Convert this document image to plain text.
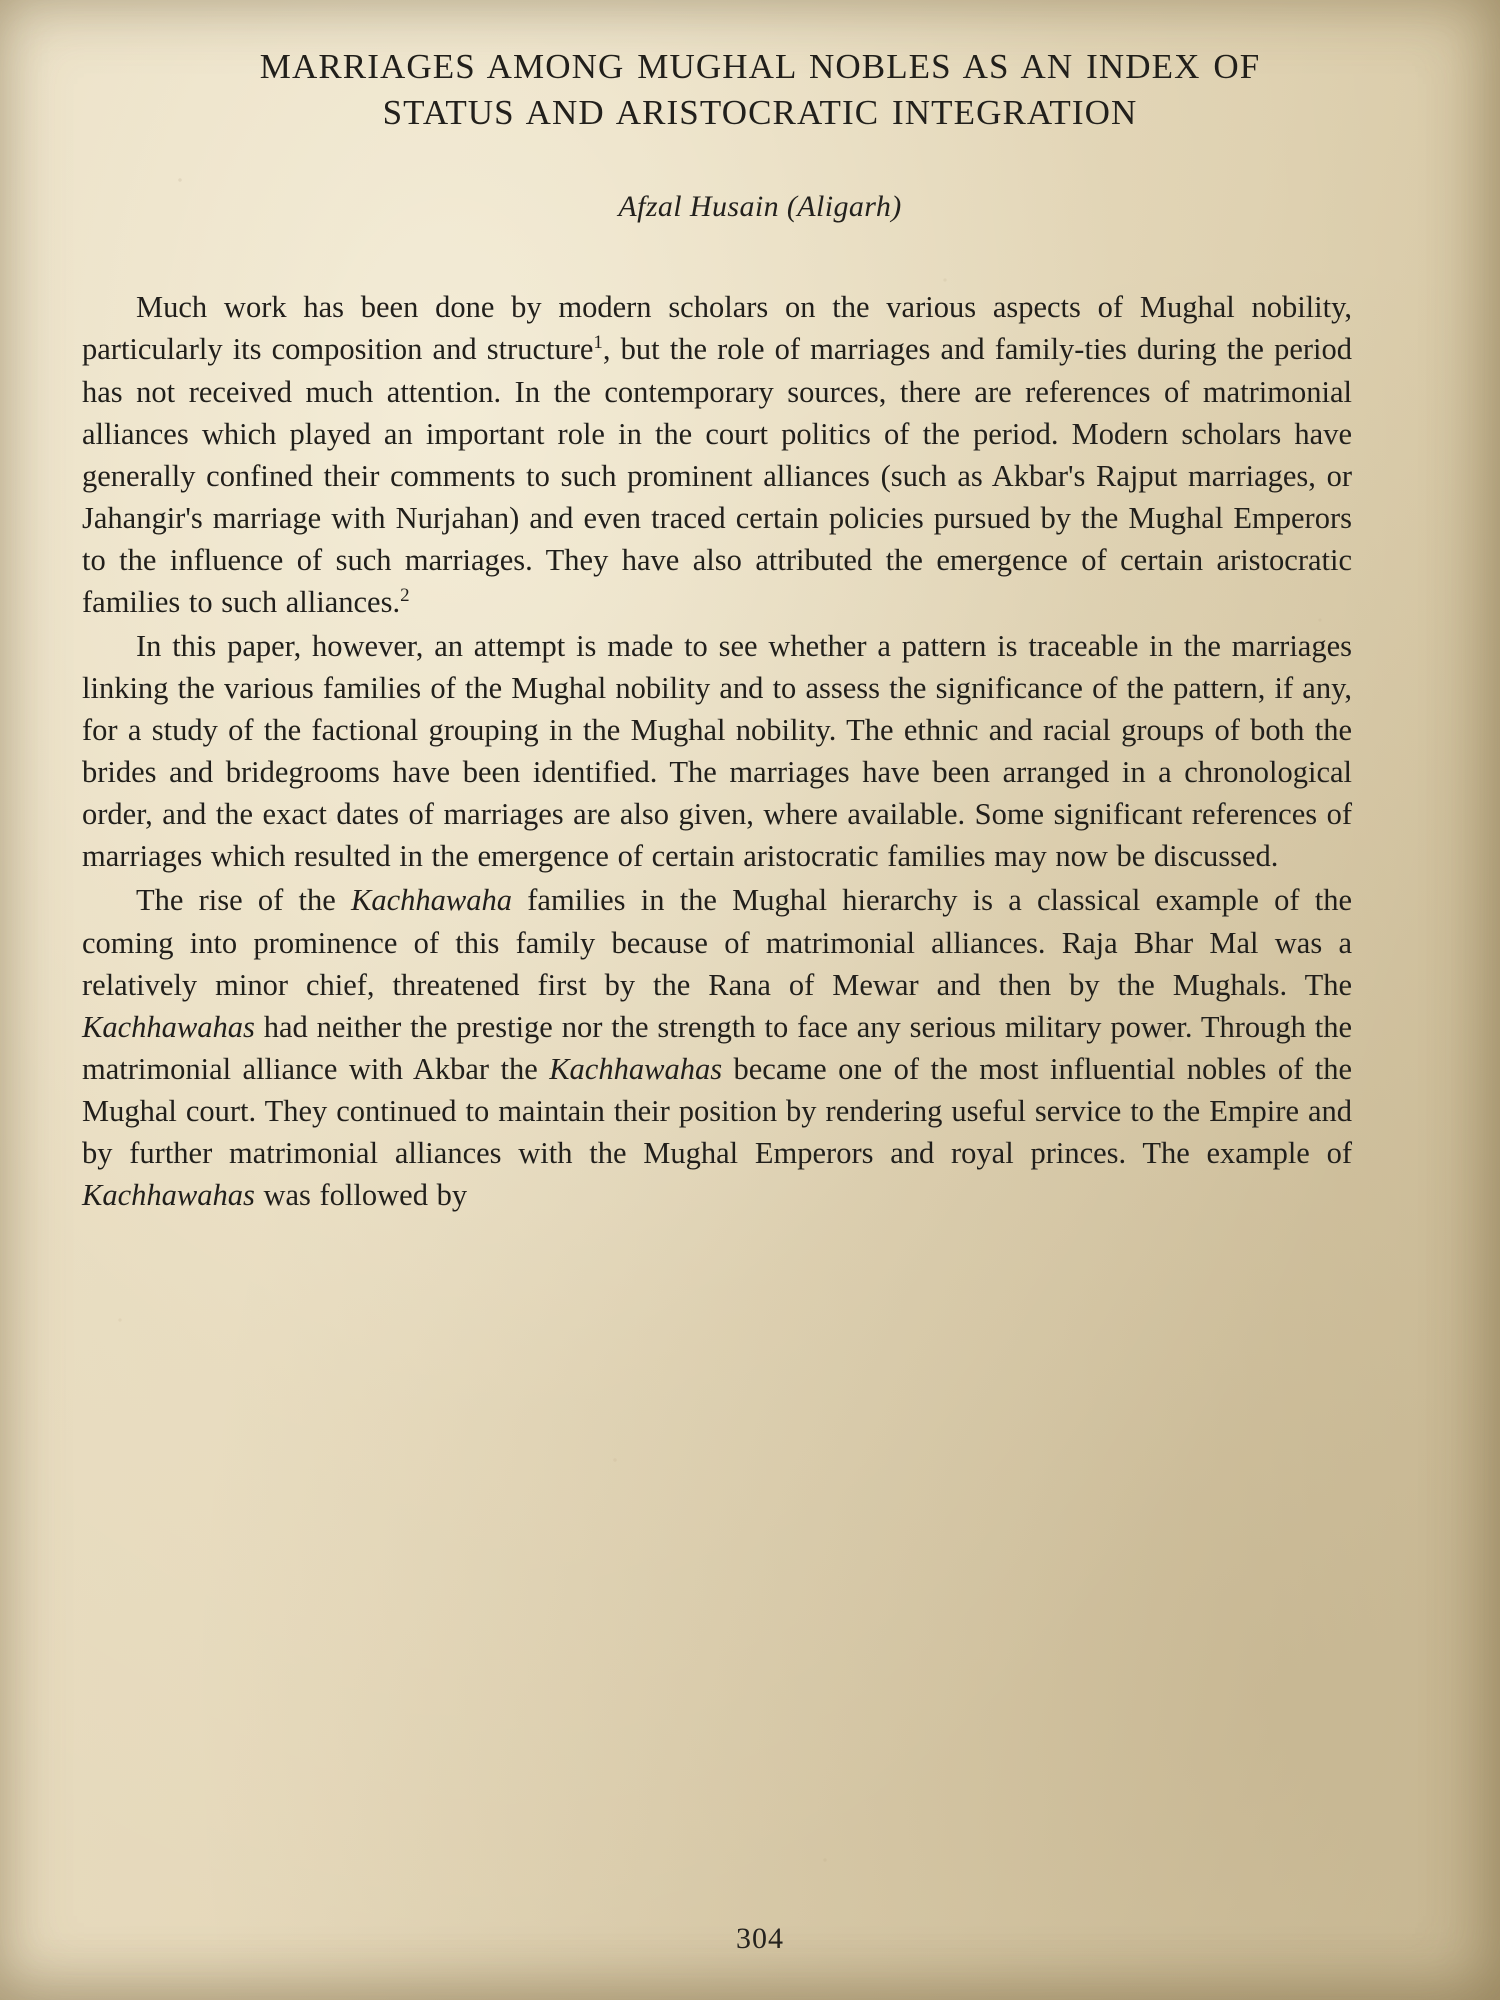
MARRIAGES AMONG MUGHAL NOBLES AS AN INDEX OF
STATUS AND ARISTOCRATIC INTEGRATION
Afzal Husain (Aligarh)

Much work has been done by modern scholars on the various aspects of Mughal nobility, particularly its composition and structure$^1$, but the role of marriages and family-ties during the period has not received much attention. In the contemporary sources, there are references of matrimonial alliances which played an important role in the court politics of the period. Modern scholars have generally confined their comments to such prominent alliances (such as Akbar's Rajput marriages, or Jahangir's marriage with Nurjahan) and even traced certain policies pursued by the Mughal Emperors to the influence of such marriages. They have also attributed the emergence of certain aristocratic families to such alliances.$^2$

In this paper, however, an attempt is made to see whether a pattern is traceable in the marriages linking the various families of the Mughal nobility and to assess the significance of the pattern, if any, for a study of the factional grouping in the Mughal nobility. The ethnic and racial groups of both the brides and bridegrooms have been identified. The marriages have been arranged in a chronological order, and the exact dates of marriages are also given, where available. Some significant references of marriages which resulted in the emergence of certain aristocratic families may now be discussed.

The rise of the Kachhawaha families in the Mughal hierarchy is a classical example of the coming into prominence of this family because of matrimonial alliances. Raja Bhar Mal was a relatively minor chief, threatened first by the Rana of Mewar and then by the Mughals. The Kachhawahas had neither the prestige nor the strength to face any serious military power. Through the matrimonial alliance with Akbar the Kachhawahas became one of the most influential nobles of the Mughal court. They continued to maintain their position by rendering useful service to the Empire and by further matrimonial alliances with the Mughal Emperors and royal princes. The example of Kachhawahas was followed by

304
